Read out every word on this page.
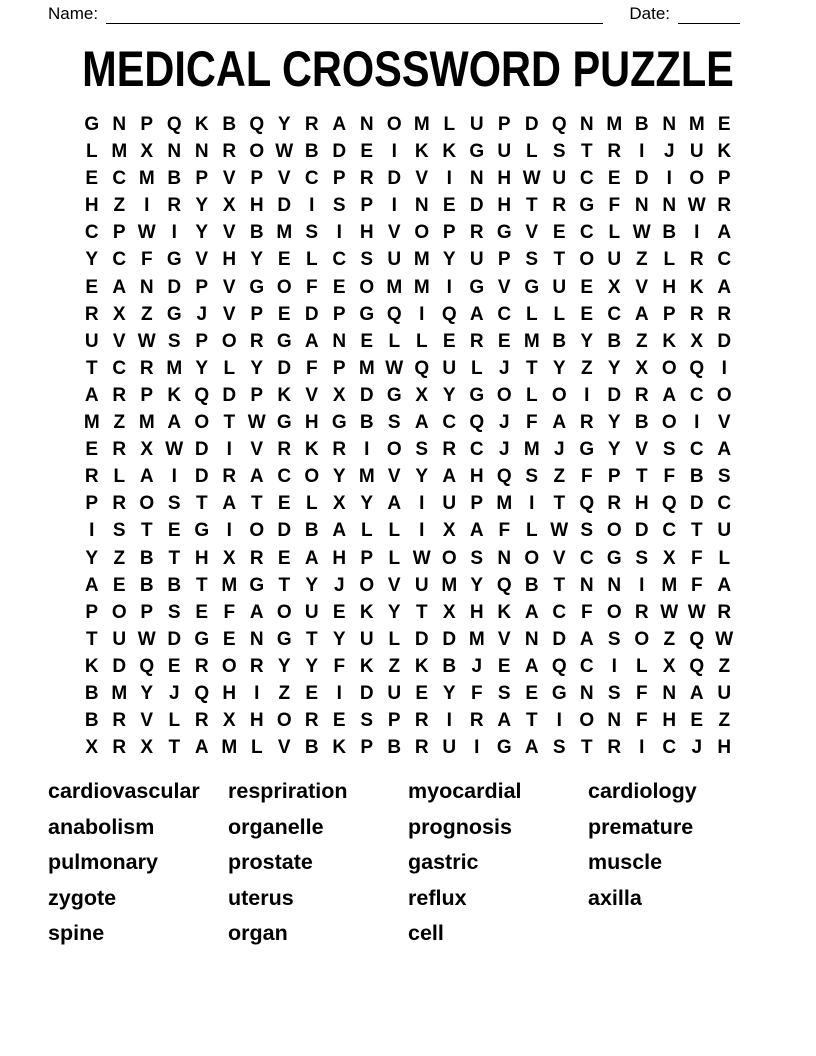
Name:	Date:
MEDICAL CROSSWORD PUZZLE
G N P Q K B Q Y R A N O M L U P D Q N M B N M E
L M X N N R O W B D E I K K G U L S T R I	J U K
E C M B P V P V C P R D V I N H W U C E D I O P
H Z	I R Y X H D I S P I N E D H T R G F N N W R
C P W I Y V B M S I H V O P R G V E C L W B I A
Y C F G V H Y E L C S U M Y U P S T O U Z L R C
E A N D P V G O F E O M M I G V G U E X V H K A
R X Z G J V P E D P G Q I Q A C L L E C A P R R
U V W S P O R G A N E L L E R E M B Y B Z K X D
T C R M Y L Y D F P M W Q U L J T Y Z Y X O Q I
A R P K Q D P K V X D G X Y G O L O I D R A C O
M Z M A O T W G H G B S A C Q J F A R Y B O I V
E R X W D I V R K R I O S R C J M J G Y V S C A
R L A I D R A C O Y M V Y A H Q S Z F P T F B S
P R O S T A T E L X Y A I U P M I	T Q R H Q D C
I S T E G I O D B A L L	I X A F L W S O D C T U
Y Z B T H X R E A H P L W O S N O V C G S X F L
A E B B T M G T Y J O V U M Y Q B T N N I M F A
P O P S E F A O U E K Y T X H K A C F O R W W R
T U W D G E N G T Y U L D D M V N D A S O Z Q W
K D Q E R O R Y Y F K Z K B J E A Q C I	L X Q Z
B M Y J Q H I	Z E I D U E Y F S E G N S F N A U
B R V L R X H O R E S P R I R A T	I O N F H E Z
X R X T A M L V B K P B R U I G A S T R I C J H
cardiovascular	respriration	myocardial	cardiology
anabolism	organelle	prognosis	premature
pulmonary	prostate	gastric	muscle
zygote	uterus	reflux	axilla
spine	organ	cell
